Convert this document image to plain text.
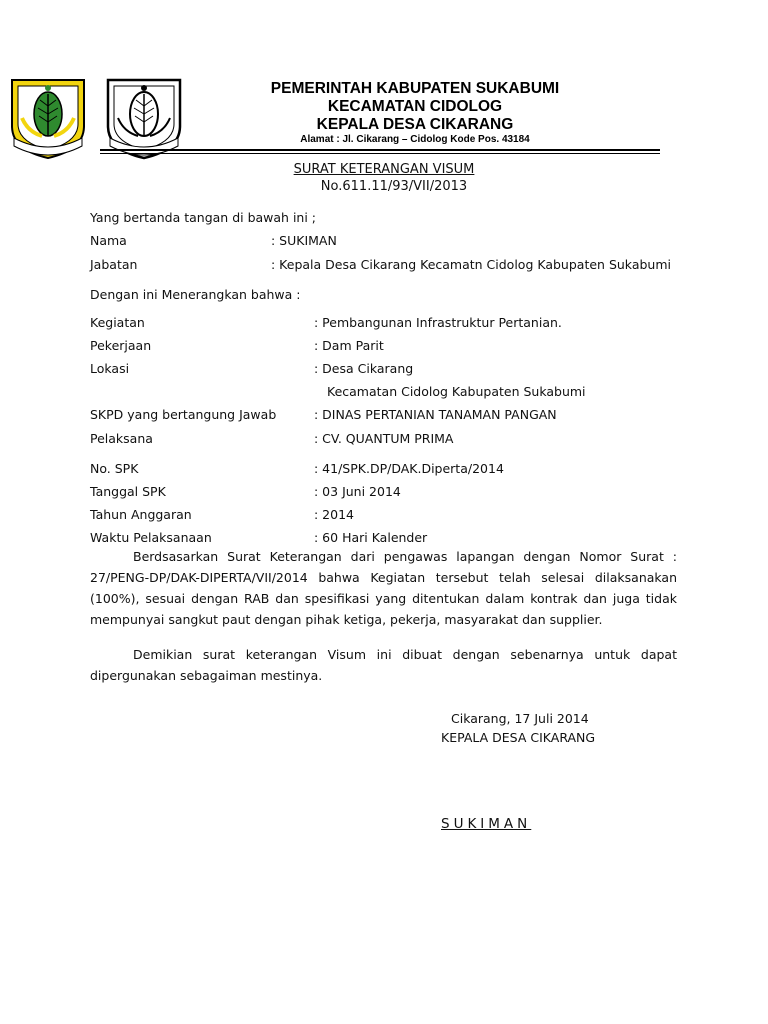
PEMERINTAH KABUPATEN SUKABUMI
KECAMATAN CIDOLOG
KEPALA DESA CIKARANG
Alamat : Jl. Cikarang – Cidolog Kode Pos. 43184
SURAT KETERANGAN VISUM
No.611.11/93/VII/2013
Yang bertanda tangan di bawah ini ;
Nama	: SUKIMAN
Jabatan	: Kepala Desa Cikarang Kecamatn Cidolog Kabupaten Sukabumi
Dengan ini Menerangkan bahwa :
Kegiatan	: Pembangunan Infrastruktur Pertanian.
Pekerjaan	: Dam Parit
Lokasi	: Desa Cikarang
Kecamatan Cidolog Kabupaten Sukabumi
SKPD yang bertangung Jawab	: DINAS PERTANIAN TANAMAN PANGAN
Pelaksana	: CV. QUANTUM PRIMA
No. SPK	: 41/SPK.DP/DAK.Diperta/2014
Tanggal SPK	: 03 Juni 2014
Tahun Anggaran	: 2014
Waktu Pelaksanaan	: 60 Hari Kalender
Berdsasarkan Surat Keterangan dari pengawas lapangan dengan Nomor Surat : 27/PENG-DP/DAK-DIPERTA/VII/2014 bahwa Kegiatan tersebut telah selesai dilaksanakan (100%), sesuai dengan RAB dan spesifikasi yang ditentukan dalam kontrak dan juga tidak mempunyai sangkut paut dengan pihak ketiga, pekerja, masyarakat dan supplier.
Demikian surat keterangan Visum ini dibuat dengan sebenarnya untuk dapat dipergunakan sebagaiman mestinya.
Cikarang, 17 Juli 2014
KEPALA DESA CIKARANG
SUKIMAN
